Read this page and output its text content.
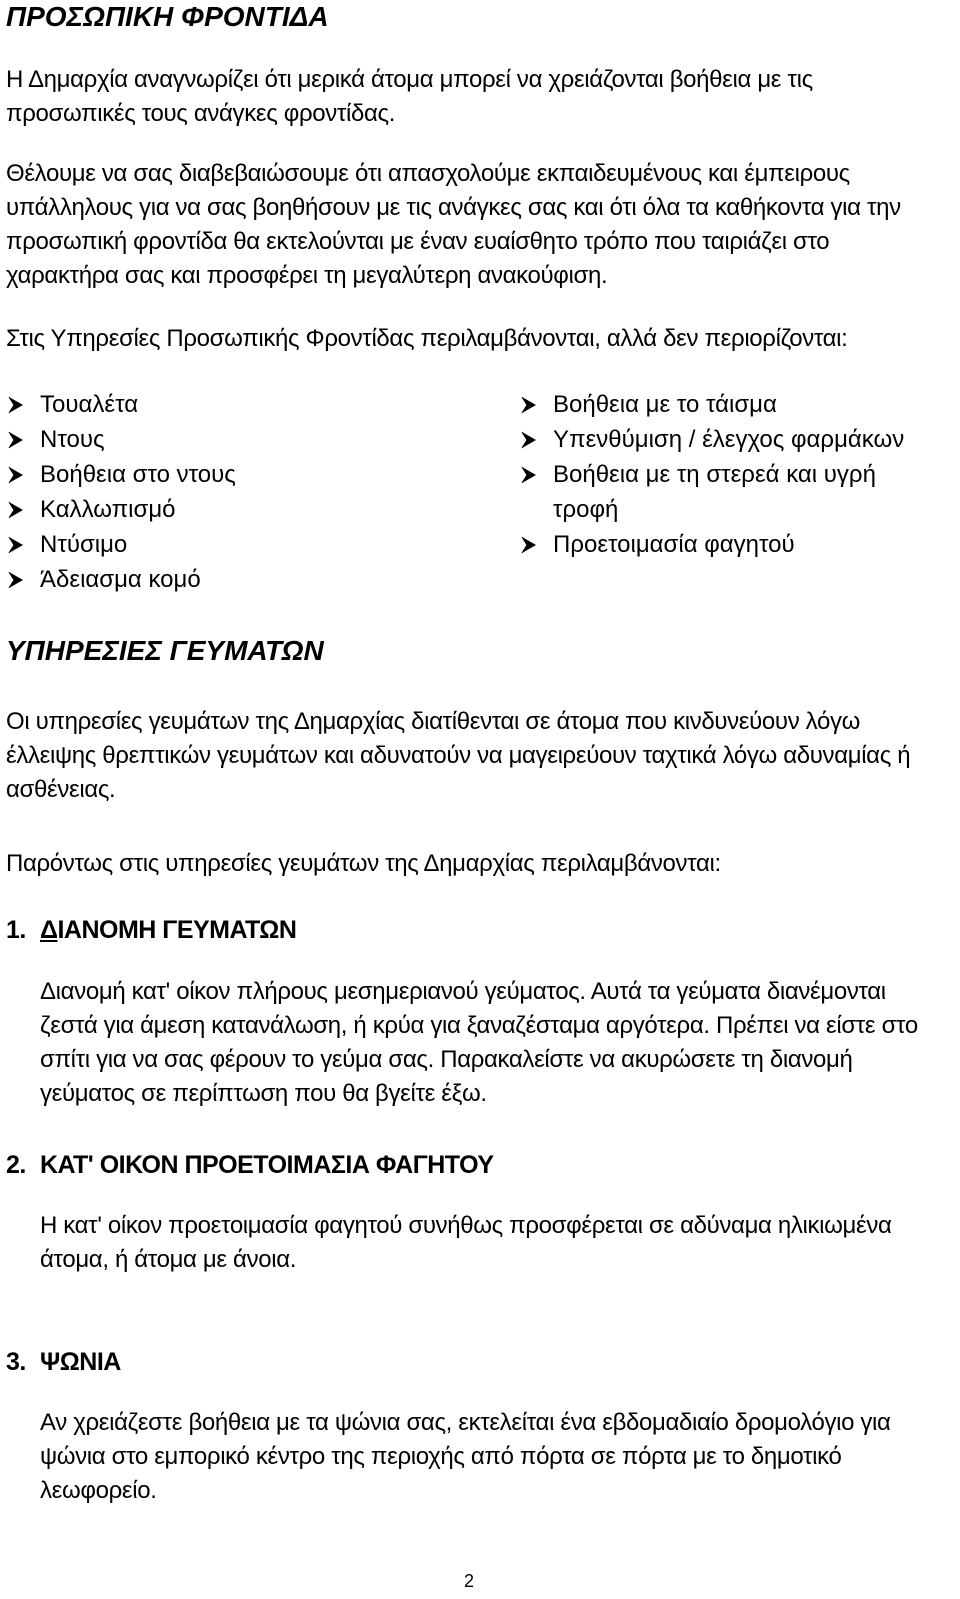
ΠΡΟΣΩΠΙΚΗ ΦΡΟΝΤΙΔΑ

Η Δημαρχία αναγνωρίζει ότι μερικά άτομα μπορεί να χρειάζονται βοήθεια με τις προσωπικές τους ανάγκες φροντίδας.

Θέλουμε να σας διαβεβαιώσουμε ότι απασχολούμε εκπαιδευμένους και έμπειρους υπάλληλους για να σας βοηθήσουν με τις ανάγκες σας και ότι όλα τα καθήκοντα για την προσωπική φροντίδα θα εκτελούνται με έναν ευαίσθητο τρόπο που ταιριάζει στο χαρακτήρα σας και προσφέρει τη μεγαλύτερη ανακούφιση.

Στις Υπηρεσίες Προσωπικής Φροντίδας περιλαμβάνονται, αλλά δεν περιορίζονται:

Τουαλέτα
Ντους
Βοήθεια στο ντους
Καλλωπισμό
Ντύσιμο
Άδειασμα κομό
Βοήθεια με το τάισμα
Υπενθύμιση / έλεγχος φαρμάκων
Βοήθεια με τη στερεά και υγρή
τροφή
Προετοιμασία φαγητού
ΥΠΗΡΕΣΙΕΣ ΓΕΥΜΑΤΩΝ

Οι υπηρεσίες γευμάτων της Δημαρχίας διατίθενται σε άτομα που κινδυνεύουν λόγω έλλειψης θρεπτικών γευμάτων και αδυνατούν να μαγειρεύουν ταχτικά λόγω αδυναμίας ή ασθένειας.

Παρόντως στις υπηρεσίες γευμάτων της Δημαρχίας περιλαμβάνονται:

1. ΔΙΑΝΟΜΗ ΓΕΥΜΑΤΩΝ

Διανομή κατ' οίκον πλήρους μεσημεριανού γεύματος. Αυτά τα γεύματα διανέμονται ζεστά για άμεση κατανάλωση, ή κρύα για ξαναζέσταμα αργότερα. Πρέπει να είστε στο σπίτι για να σας φέρουν το γεύμα σας. Παρακαλείστε να ακυρώσετε τη διανομή γεύματος σε περίπτωση που θα βγείτε έξω.

2. ΚΑΤ' ΟΙΚΟΝ ΠΡΟΕΤΟΙΜΑΣΙΑ ΦΑΓΗΤΟΥ

Η κατ' οίκον προετοιμασία φαγητού συνήθως προσφέρεται σε αδύναμα ηλικιωμένα άτομα, ή άτομα με άνοια.

3. ΨΩΝΙΑ

Αν χρειάζεστε βοήθεια με τα ψώνια σας, εκτελείται ένα εβδομαδιαίο δρομολόγιο για ψώνια στο εμπορικό κέντρο της περιοχής από πόρτα σε πόρτα με το δημοτικό λεωφορείο.

2
